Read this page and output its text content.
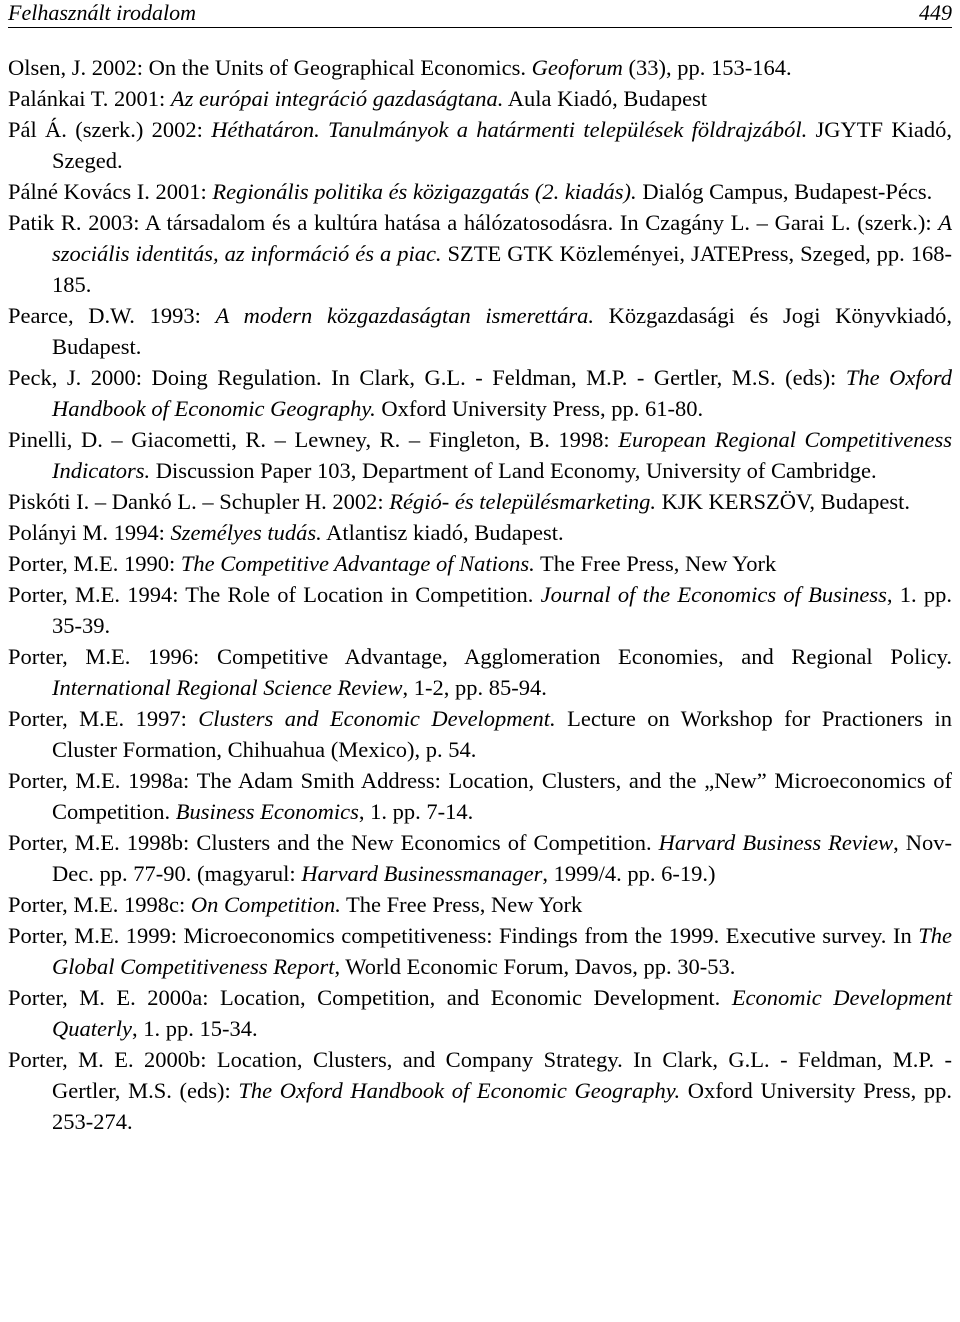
Felhasznált irodalom	449

Olsen, J. 2002: On the Units of Geographical Economics. Geoforum (33), pp. 153-164.

Palánkai T. 2001: Az európai integráció gazdaságtana. Aula Kiadó, Budapest

Pál Á. (szerk.) 2002: Héthatáron. Tanulmányok a határmenti települések földrajzából. JGYTF Kiadó, Szeged.

Pálné Kovács I. 2001: Regionális politika és közigazgatás (2. kiadás). Dialóg Campus, Budapest-Pécs.

Patik R. 2003: A társadalom és a kultúra hatása a hálózatosodásra. In Czagány L. – Garai L. (szerk.): A szociális identitás, az információ és a piac. SZTE GTK Közleményei, JATEPress, Szeged, pp. 168-185.

Pearce, D.W. 1993: A modern közgazdaságtan ismerettára. Közgazdasági és Jogi Könyvkiadó, Budapest.

Peck, J. 2000: Doing Regulation. In Clark, G.L. - Feldman, M.P. - Gertler, M.S. (eds): The Oxford Handbook of Economic Geography. Oxford University Press, pp. 61-80.

Pinelli, D. – Giacometti, R. – Lewney, R. – Fingleton, B. 1998: European Regional Competitiveness Indicators. Discussion Paper 103, Department of Land Economy, University of Cambridge.

Piskóti I. – Dankó L. – Schupler H. 2002: Régió- és településmarketing. KJK KERSZÖV, Budapest.

Polányi M. 1994: Személyes tudás. Atlantisz kiadó, Budapest.

Porter, M.E. 1990: The Competitive Advantage of Nations. The Free Press, New York

Porter, M.E. 1994: The Role of Location in Competition. Journal of the Economics of Business, 1. pp. 35-39.

Porter, M.E. 1996: Competitive Advantage, Agglomeration Economies, and Regional Policy. International Regional Science Review, 1-2, pp. 85-94.

Porter, M.E. 1997: Clusters and Economic Development. Lecture on Workshop for Practioners in Cluster Formation, Chihuahua (Mexico), p. 54.

Porter, M.E. 1998a: The Adam Smith Address: Location, Clusters, and the „New” Microeconomics of Competition. Business Economics, 1. pp. 7-14.

Porter, M.E. 1998b: Clusters and the New Economics of Competition. Harvard Business Review, Nov-Dec. pp. 77-90. (magyarul: Harvard Businessmanager, 1999/4. pp. 6-19.)

Porter, M.E. 1998c: On Competition. The Free Press, New York

Porter, M.E. 1999: Microeconomics competitiveness: Findings from the 1999. Executive survey. In The Global Competitiveness Report, World Economic Forum, Davos, pp. 30-53.

Porter, M. E. 2000a: Location, Competition, and Economic Development. Economic Development Quaterly, 1. pp. 15-34.

Porter, M. E. 2000b: Location, Clusters, and Company Strategy. In Clark, G.L. - Feldman, M.P. - Gertler, M.S. (eds): The Oxford Handbook of Economic Geography. Oxford University Press, pp. 253-274.
